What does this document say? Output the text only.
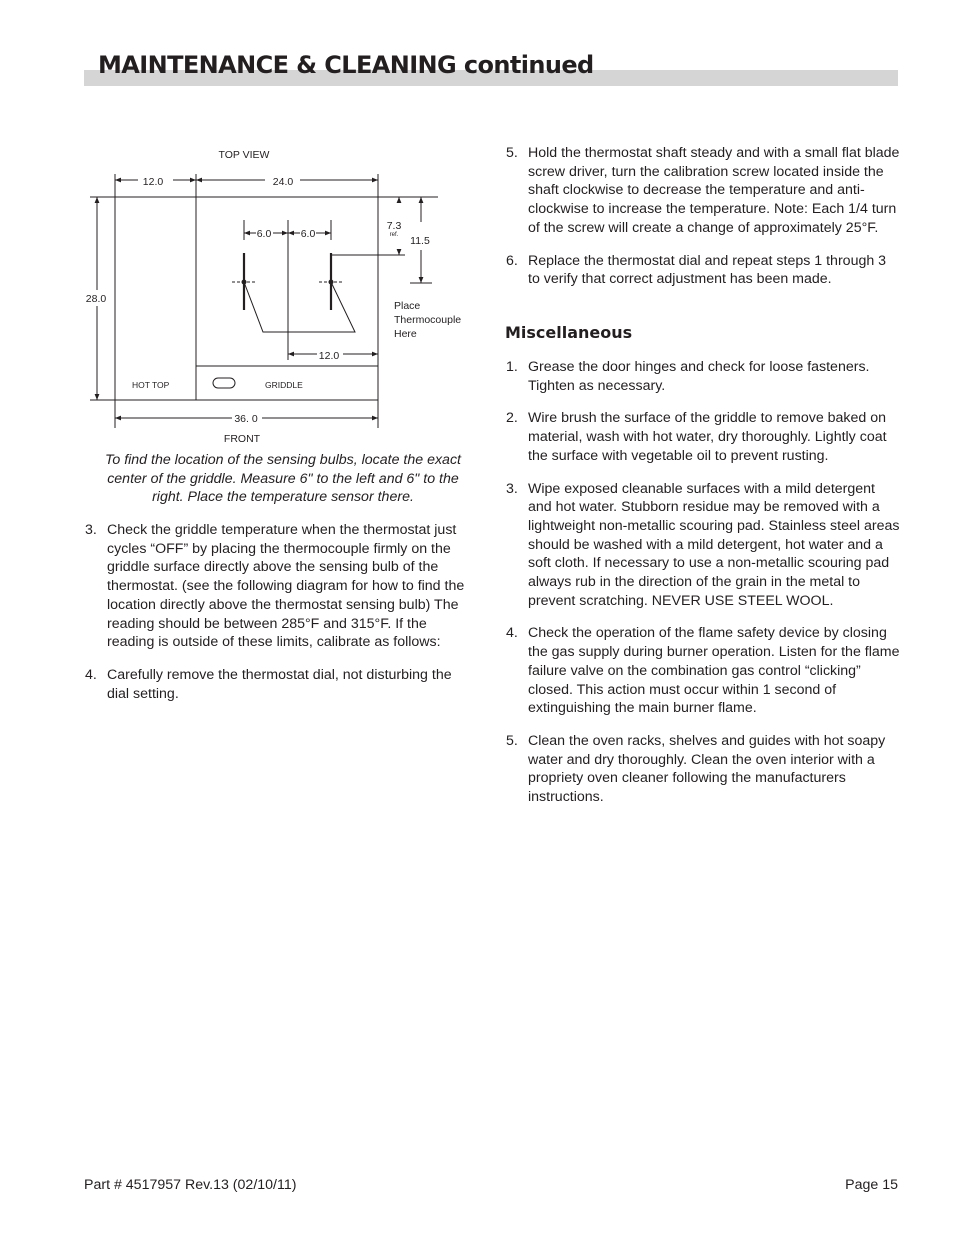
MAINTENANCE & CLEANING continued
TOP VIEW
12.0	24.0
28.0
6.0	6.0
7.3
ref. 11.5
12.0
36. 0
Place
Thermocouple
Here
HOT TOP	GRIDDLE
FRONT

To find the location of the sensing bulbs, locate the exact center of the griddle. Measure 6" to the left and 6" to the right. Place the temperature sensor there.

3. Check the griddle temperature when the thermostat just cycles “OFF” by placing the thermocouple firmly on the griddle surface directly above the sensing bulb of the thermostat. (see the following diagram for how to find the location directly above the thermostat sensing bulb) The reading should be between 285°F and 315°F. If the reading is outside of these limits, calibrate as follows:
4. Carefully remove the thermostat dial, not disturbing the dial setting.
5. Hold the thermostat shaft steady and with a small flat blade screw driver, turn the calibration screw located inside the shaft clockwise to decrease the temperature and anti-clockwise to increase the temperature. Note: Each 1/4 turn of the screw will create a change of approximately 25°F.
6. Replace the thermostat dial and repeat steps 1 through 3 to verify that correct adjustment has been made.
Miscellaneous
1. Grease the door hinges and check for loose fasteners. Tighten as necessary.
2. Wire brush the surface of the griddle to remove baked on material, wash with hot water, dry thoroughly. Lightly coat the surface with vegetable oil to prevent rusting.
3. Wipe exposed cleanable surfaces with a mild detergent and hot water. Stubborn residue may be removed with a lightweight non-metallic scouring pad. Stainless steel areas should be washed with a mild detergent, hot water and a soft cloth. If necessary to use a non-metallic scouring pad always rub in the direction of the grain in the metal to prevent scratching. NEVER USE STEEL WOOL.
4. Check the operation of the flame safety device by closing the gas supply during burner operation. Listen for the flame failure valve on the combination gas control “clicking” closed. This action must occur within 1 second of extinguishing the main burner flame.
5. Clean the oven racks, shelves and guides with hot soapy water and dry thoroughly. Clean the oven interior with a propriety oven cleaner following the manufacturers instructions.
Part # 4517957 Rev.13 (02/10/11)	Page 15
